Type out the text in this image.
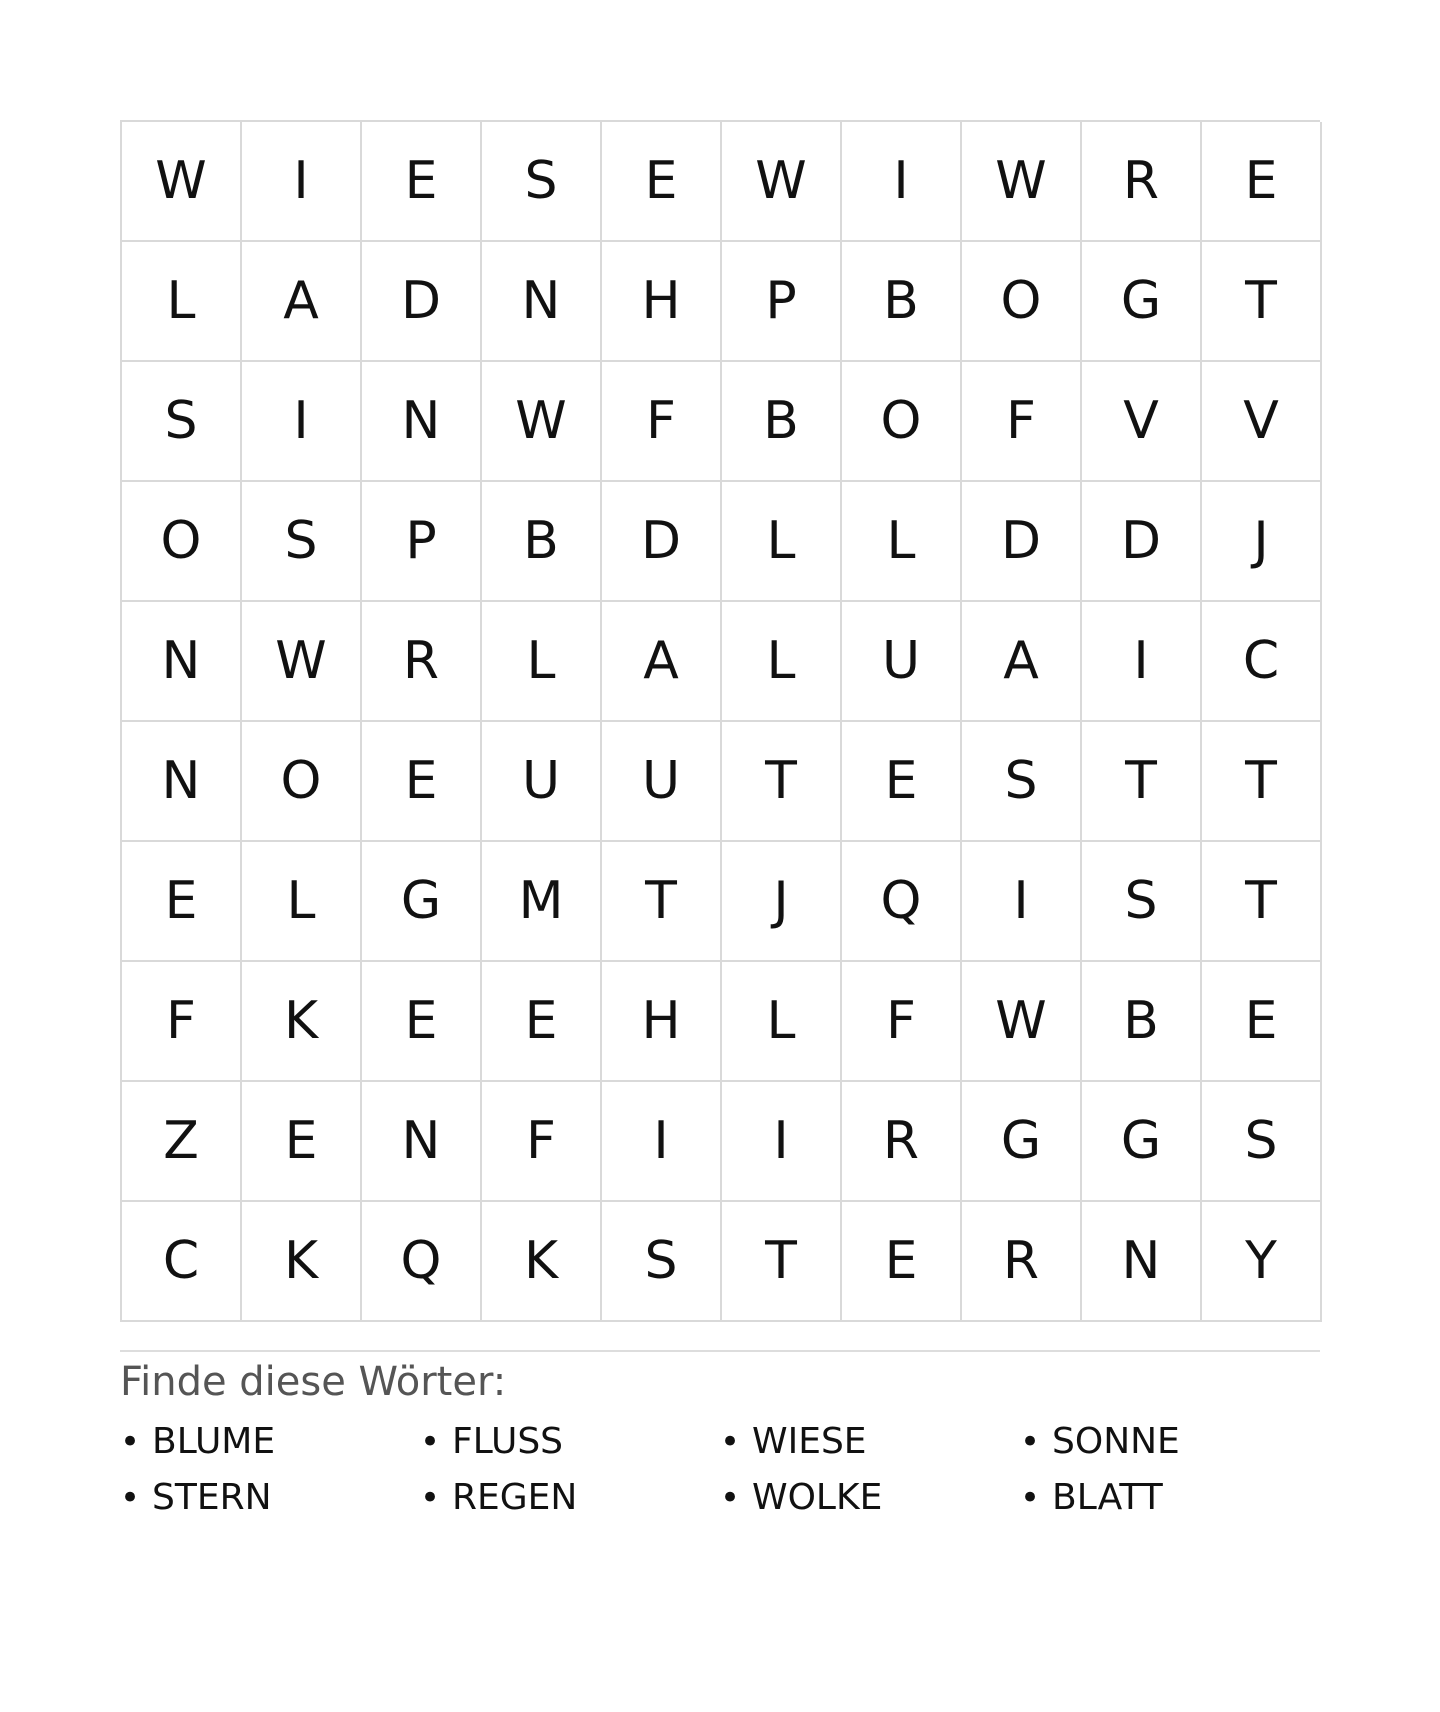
W	I	E	S	E	W	I	W	R	E
L	A	D	N	H	P	B	O	G	T
S	I	N	W	F	B	O	F	V	V
O	S	P	B	D	L	L	D	D	J
N	W	R	L	A	L	U	A	I	C
N	O	E	U	U	T	E	S	T	T
E	L	G	M	T	J	Q	I	S	T
F	K	E	E	H	L	F	W	B	E
Z	E	N	F	I	I	R	G	G	S
C	K	Q	K	S	T	E	R	N	Y
Finde diese Wörter:
• BLUME	• FLUSS	• WIESE	• SONNE
• STERN	• REGEN	• WOLKE	• BLATT
